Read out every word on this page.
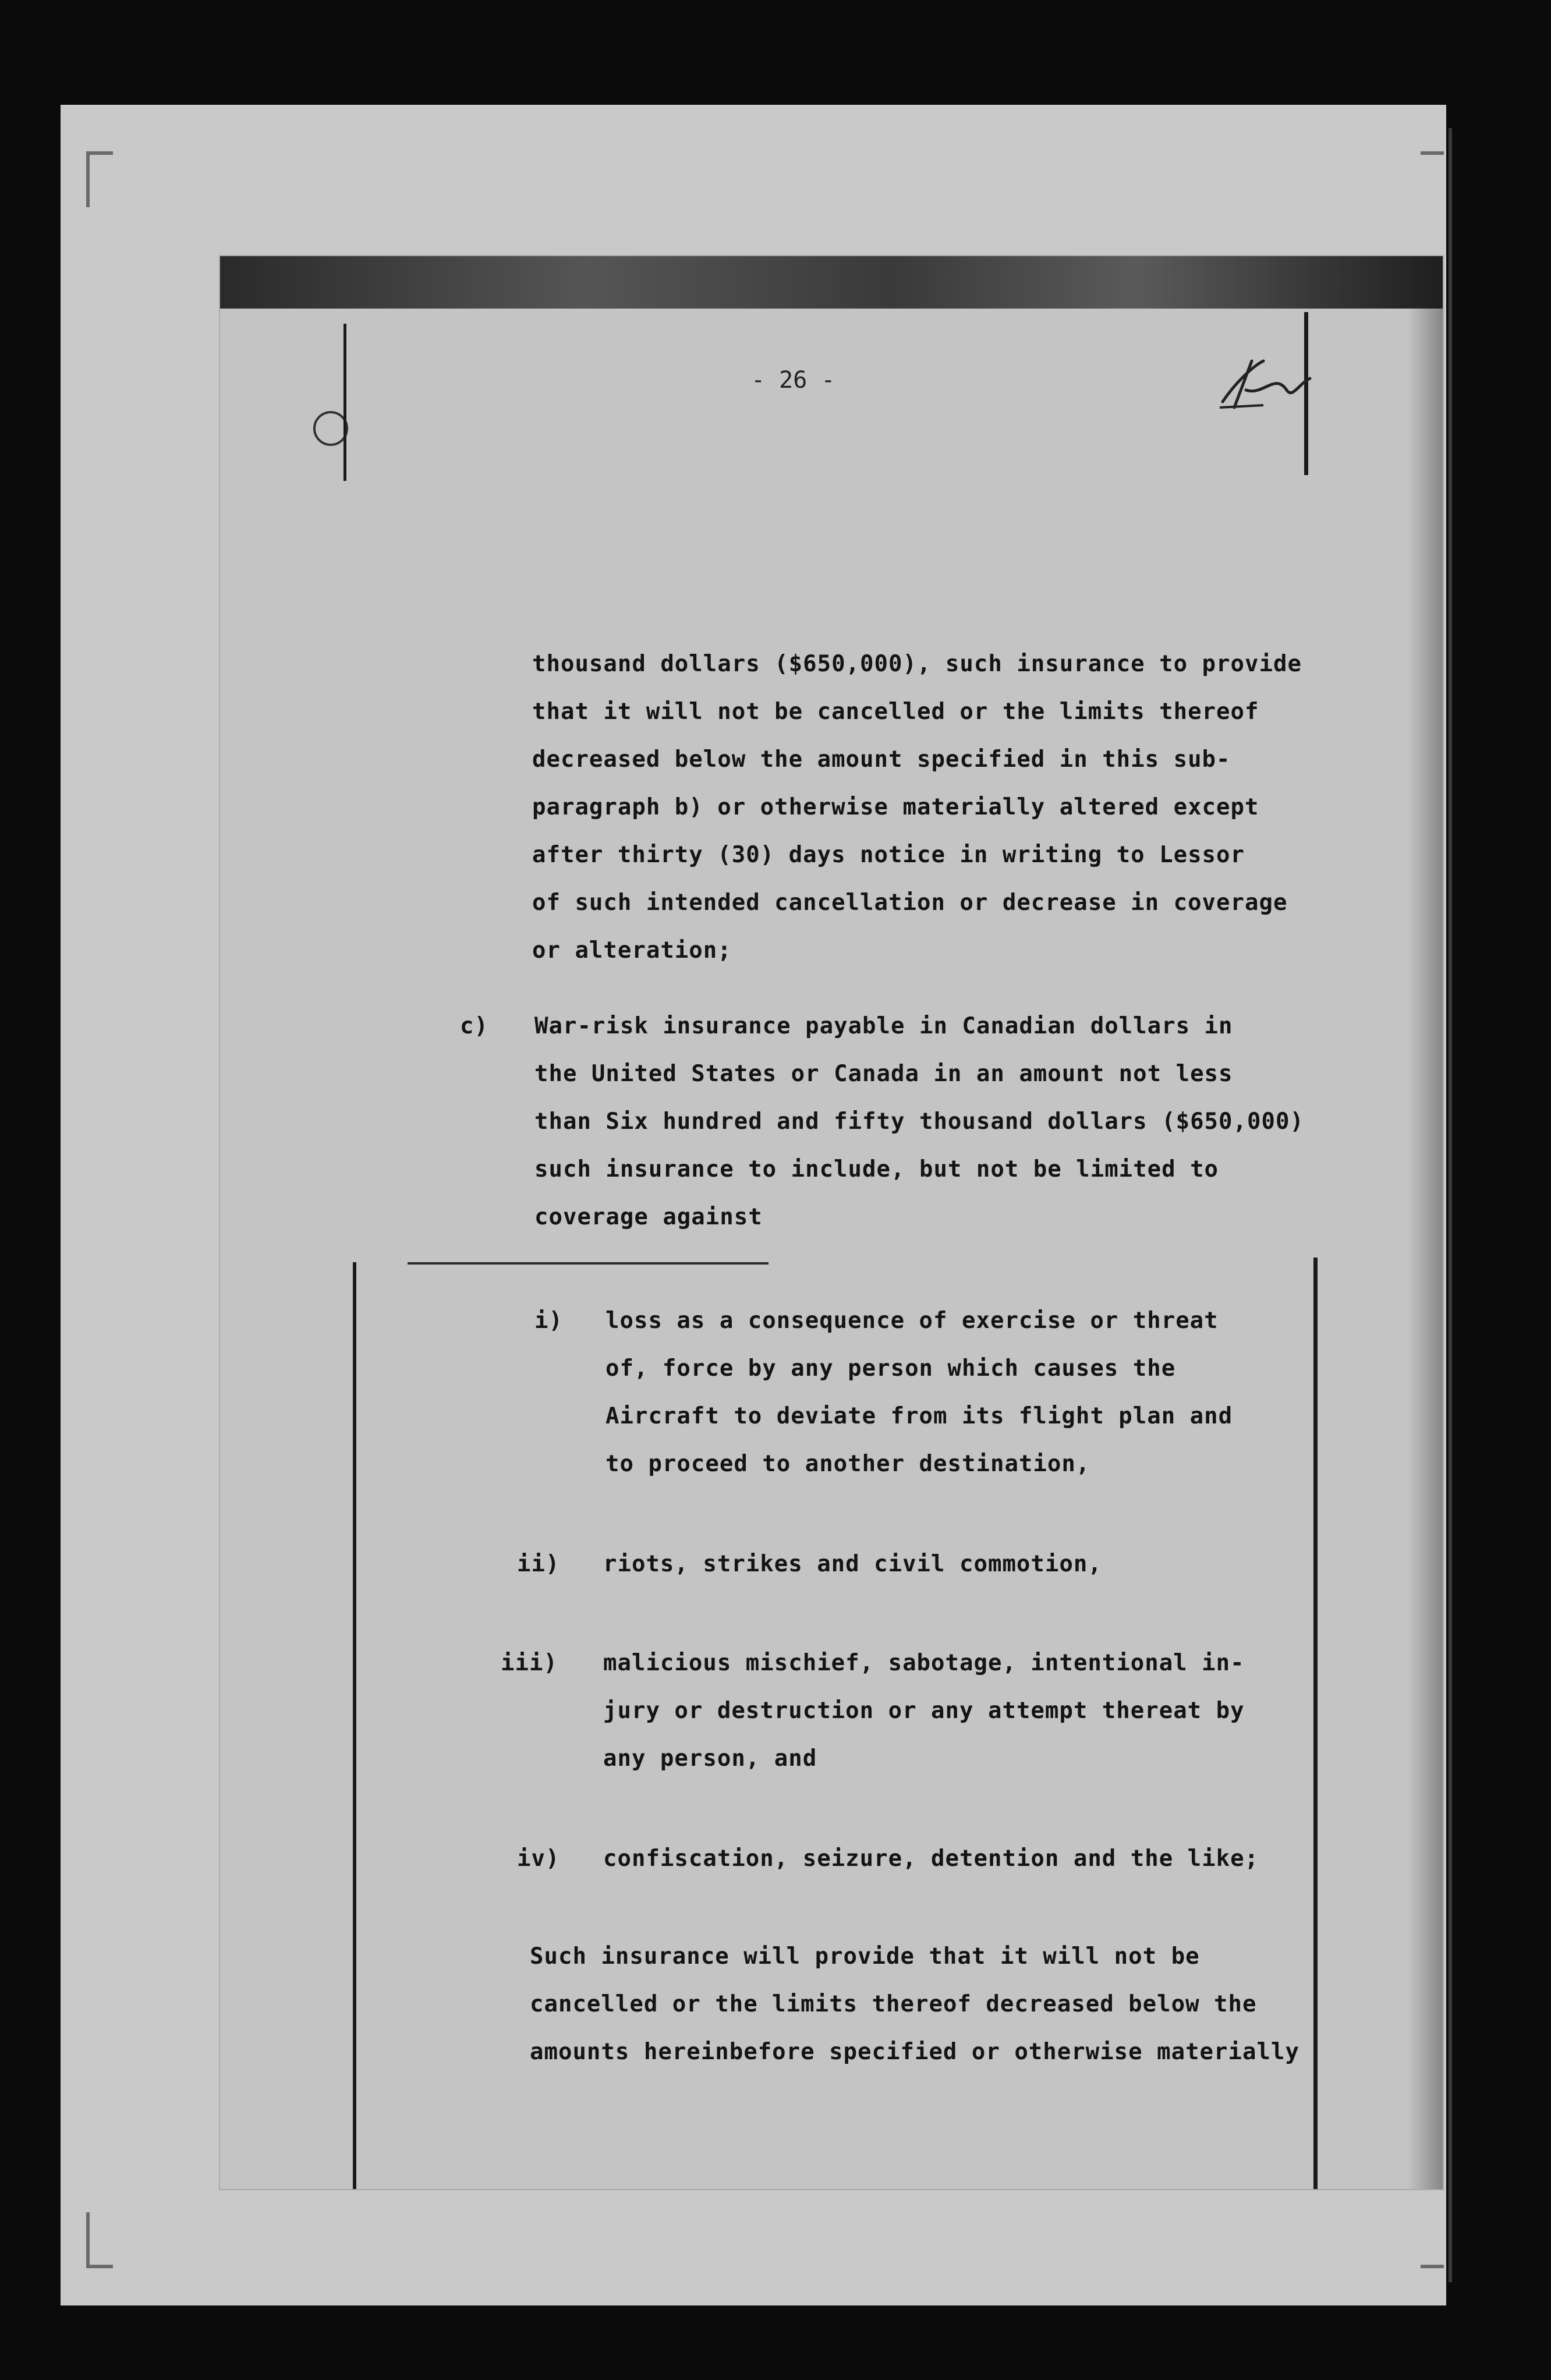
- 26 -
thousand dollars ($650,000), such insurance to provide
that it will not be cancelled or the limits thereof
decreased below the amount specified in this sub-
paragraph b) or otherwise materially altered except
after thirty (30) days notice in writing to Lessor
of such intended cancellation or decrease in coverage
or alteration;
c) War-risk insurance payable in Canadian dollars in
the United States or Canada in an amount not less
than Six hundred and fifty thousand dollars ($650,000)
such insurance to include, but not be limited to
coverage against
i) loss as a consequence of exercise or threat
of, force by any person which causes the
Aircraft to deviate from its flight plan and
to proceed to another destination,
ii) riots, strikes and civil commotion,
iii) malicious mischief, sabotage, intentional in-
jury or destruction or any attempt thereat by
any person, and
iv) confiscation, seizure, detention and the like;
Such insurance will provide that it will not be
cancelled or the limits thereof decreased below the
amounts hereinbefore specified or otherwise materially
